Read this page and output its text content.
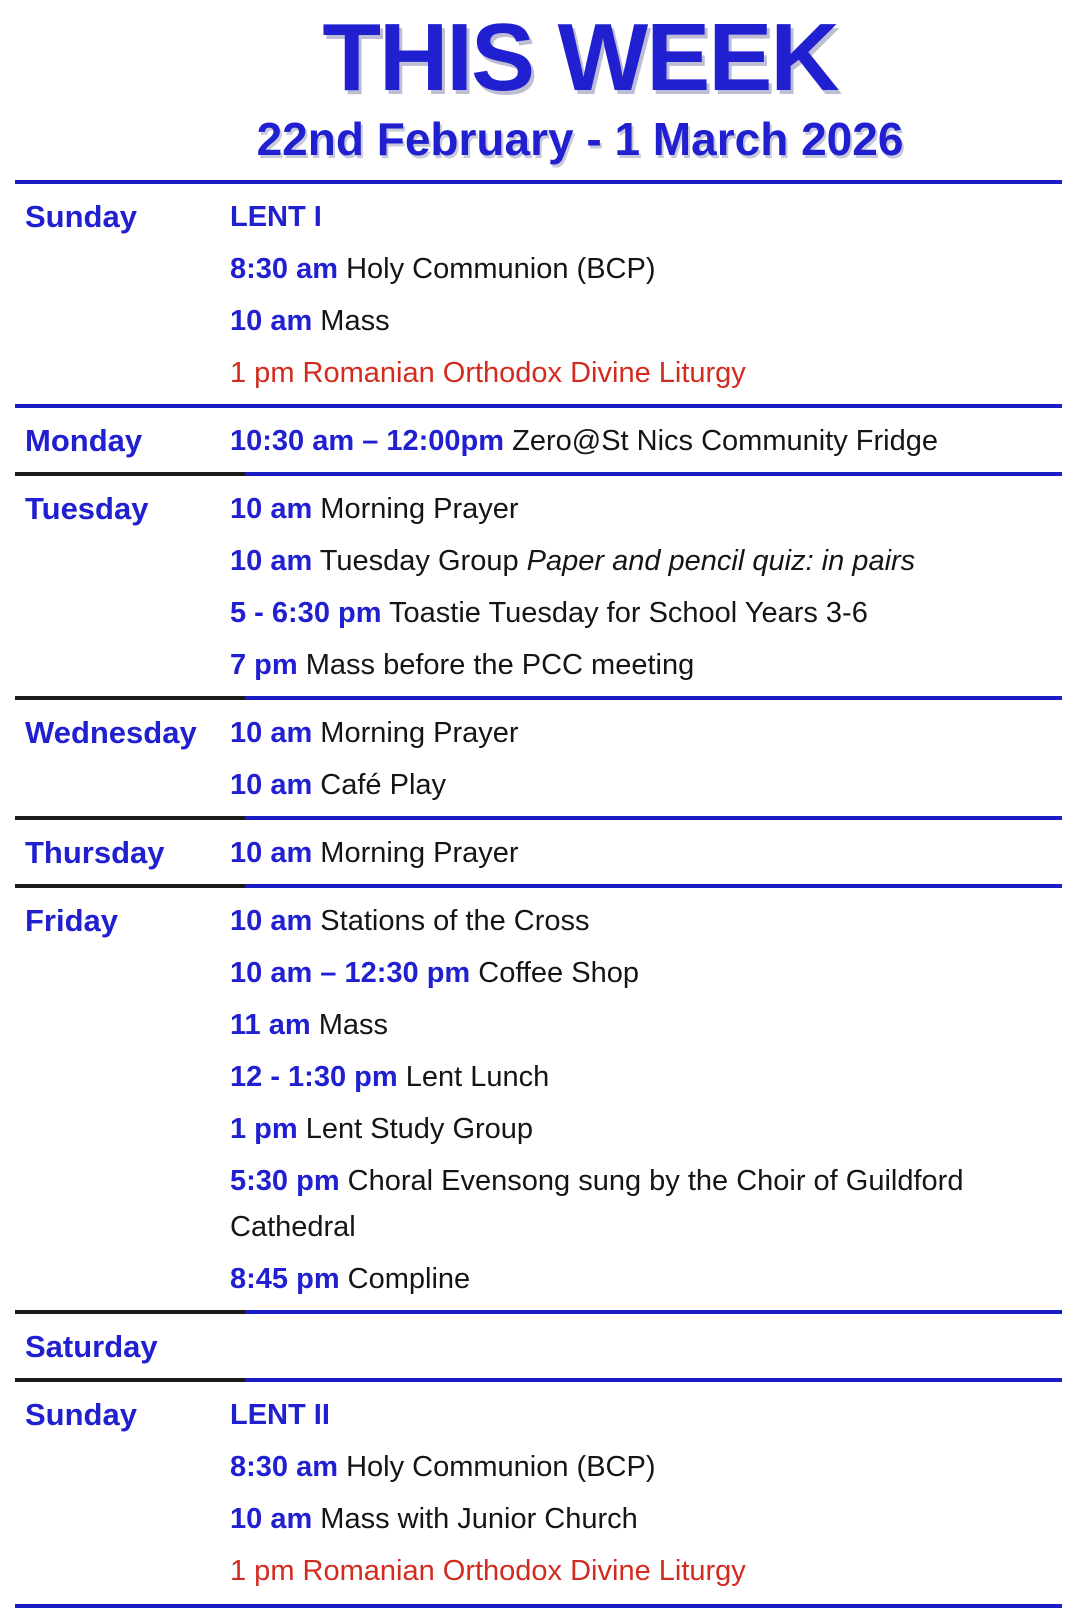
THIS WEEK
22nd February - 1 March 2026
Sunday	LENT I
8:30 am Holy Communion (BCP)
10 am Mass
1 pm Romanian Orthodox Divine Liturgy
Monday	10:30 am – 12:00pm Zero@St Nics Community Fridge
Tuesday	10 am Morning Prayer
10 am Tuesday Group Paper and pencil quiz: in pairs
5 - 6:30 pm Toastie Tuesday for School Years 3-6
7 pm Mass before the PCC meeting
Wednesday	10 am Morning Prayer
10 am Café Play
Thursday	10 am Morning Prayer
Friday	10 am Stations of the Cross
10 am – 12:30 pm Coffee Shop
11 am Mass
12 - 1:30 pm Lent Lunch
1 pm Lent Study Group
5:30 pm Choral Evensong sung by the Choir of Guildford Cathedral
8:45 pm Compline
Saturday
Sunday	LENT II
8:30 am Holy Communion (BCP)
10 am Mass with Junior Church
1 pm Romanian Orthodox Divine Liturgy
